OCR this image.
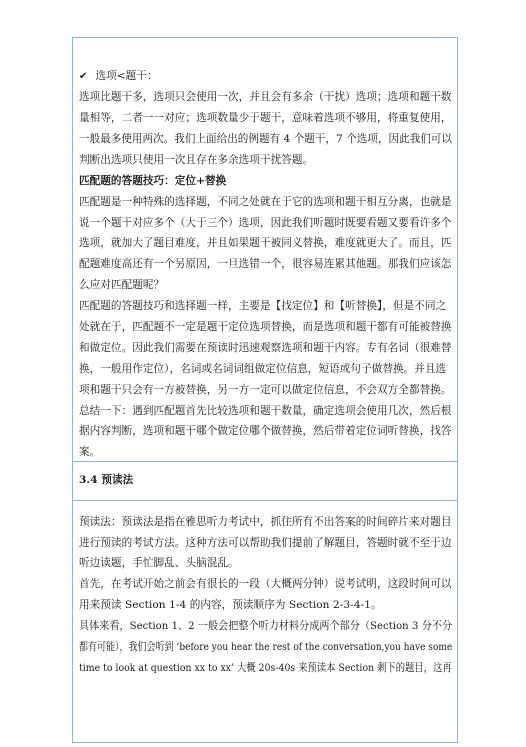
✔ 选项<题干：
选项比题干多，选项只会使用一次，并且会有多余（干扰）选项；选项和题干数
量相等，二者一一对应；选项数量少于题干，意味着选项不够用，将重复使用，
一般最多使用两次。我们上面给出的例题有 4 个题干，7 个选项，因此我们可以
判断出选项只使用一次且存在多余选项干扰答题。
匹配题的答题技巧：定位+替换
匹配题是一种特殊的选择题，不同之处就在于它的选项和题干相互分离，也就是
说一个题干对应多个（大于三个）选项，因此我们听题时既要看题又要看许多个
选项，就加大了题目难度，并且如果题干被同义替换，难度就更大了。而且，匹
配题难度高还有一个另原因，一旦选错一个，很容易连累其他题。那我们应该怎
么应对匹配题呢？
匹配题的答题技巧和选择题一样，主要是【找定位】和【听替换】，但是不同之
处就在于，匹配题不一定是题干定位选项替换，而是选项和题干都有可能被替换
和做定位。因此我们需要在预读时迅速观察选项和题干内容。专有名词（很难替
换，一般用作定位），名词或名词词组做定位信息，短语或句子做替换。并且选
项和题干只会有一方被替换，另一方一定可以做定位信息，不会双方全都替换。
总结一下：遇到匹配题首先比较选项和题干数量，确定选项会使用几次，然后根
据内容判断，选项和题干哪个做定位哪个做替换，然后带着定位词听替换，找答
案。
3.4 预读法
预读法：预读法是指在雅思听力考试中，抓住所有不出答案的时间碎片来对题目
进行预读的考试方法。这种方法可以帮助我们提前了解题目，答题时就不至于边
听边读题，手忙脚乱、头脑混乱。
首先，在考试开始之前会有很长的一段（大概两分钟）说考试明，这段时间可以
用来预读 Section 1-4 的内容，预读顺序为 Section 2-3-4-1。
具体来看，Section 1、2 一般会把整个听力材料分成两个部分（Section 3 分不分
都有可能），我们会听到 ‘before you hear the rest of the conversation,you have some
time to look at question xx to xx’ 大概 20s-40s 来预读本 Section 剩下的题目，这再
